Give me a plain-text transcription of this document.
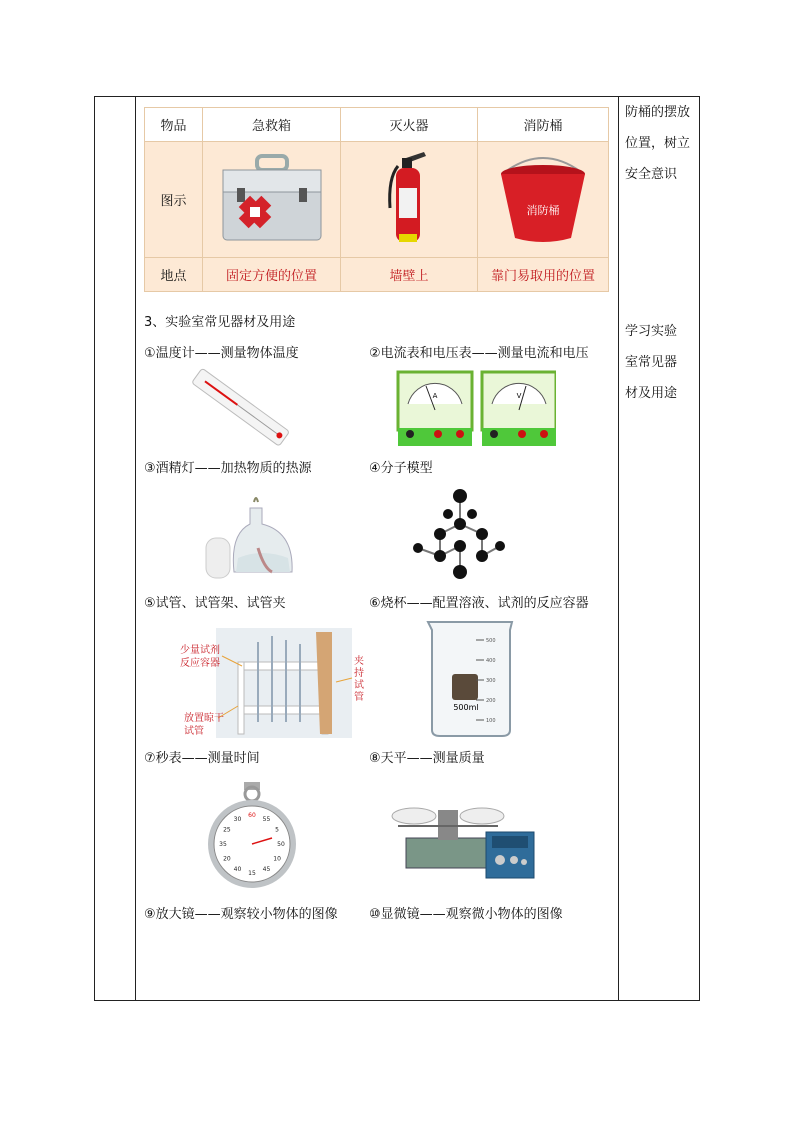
防桶的摆放
位置，树立
安全意识
学习实验
室常见器
材及用途
物品	急救箱	灭火器	消防桶
图示			消防桶

地点	固定方便的位置	墙壁上	靠门易取用的位置
3、实验室常见器材及用途
①温度计——测量物体温度	②电流表和电压表——测量电流和电压
A	V
③酒精灯——加热物质的热源	④分子模型
⑤试管、试管架、试管夹	⑥烧杯——配置溶液、试剂的反应容器
少量试剂反应容器
放置晾干试管
夹持试管
500ml
500
400
300
200
100
⑦秒表——测量时间	⑧天平——测量质量
60
55
5
50
10
45
15
40
20
35
25
30
⑨放大镜——观察较小物体的图像 ⑩显微镜——观察微小物体的图像
